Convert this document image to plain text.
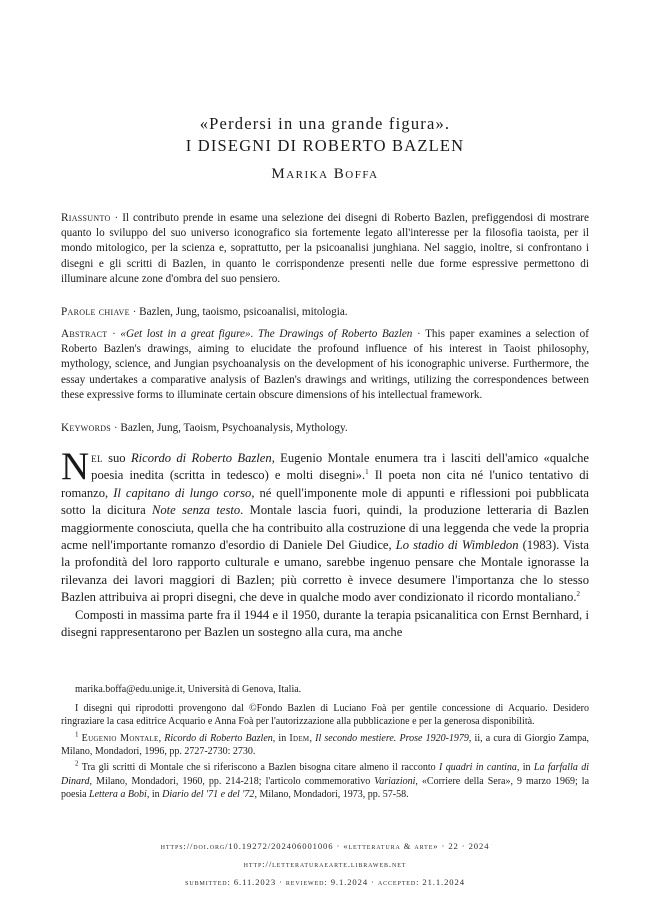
«Perdersi in una grande figura».
I DISEGNI DI ROBERTO BAZLEN
Marika Boffa
Riassunto · Il contributo prende in esame una selezione dei disegni di Roberto Bazlen, prefiggendosi di mostrare quanto lo sviluppo del suo universo iconografico sia fortemente legato all'interesse per la filosofia taoista, per il mondo mitologico, per la scienza e, soprattutto, per la psicoanalisi junghiana. Nel saggio, inoltre, si confrontano i disegni e gli scritti di Bazlen, in quanto le corrispondenze presenti nelle due forme espressive permettono di illuminare alcune zone d'ombra del suo pensiero.
Parole chiave · Bazlen, Jung, taoismo, psicoanalisi, mitologia.
Abstract · «Get lost in a great figure». The Drawings of Roberto Bazlen · This paper examines a selection of Roberto Bazlen's drawings, aiming to elucidate the profound influence of his interest in Taoist philosophy, mythology, science, and Jungian psychoanalysis on the development of his iconographic universe. Furthermore, the essay undertakes a comparative analysis of Bazlen's drawings and writings, utilizing the correspondences between these expressive forms to illuminate certain obscure dimensions of his intellectual framework.
Keywords · Bazlen, Jung, Taoism, Psychoanalysis, Mythology.

Nel suo Ricordo di Roberto Bazlen, Eugenio Montale enumera tra i lasciti dell'amico «qualche poesia inedita (scritta in tedesco) e molti disegni».$^1$ Il poeta non cita né l'unico tentativo di romanzo, Il capitano di lungo corso, né quell'imponente mole di appunti e riflessioni poi pubblicata sotto la dicitura Note senza testo. Montale lascia fuori, quindi, la produzione letteraria di Bazlen maggiormente conosciuta, quella che ha contribuito alla costruzione di una leggenda che vede la propria acme nell'importante romanzo d'esordio di Daniele Del Giudice, Lo stadio di Wimbledon (1983). Vista la profondità del loro rapporto culturale e umano, sarebbe ingenuo pensare che Montale ignorasse la rilevanza dei lavori maggiori di Bazlen; più corretto è invece desumere l'importanza che lo stesso Bazlen attribuiva ai propri disegni, che deve in qualche modo aver condizionato il ricordo montaliano.$^2$

Composti in massima parte fra il 1944 e il 1950, durante la terapia psicanalitica con Ernst Bernhard, i disegni rappresentarono per Bazlen un sostegno alla cura, ma anche

marika.boffa@edu.unige.it, Università di Genova, Italia.

I disegni qui riprodotti provengono dal ©Fondo Bazlen di Luciano Foà per gentile concessione di Acquario. Desidero ringraziare la casa editrice Acquario e Anna Foà per l'autorizzazione alla pubblicazione e per la generosa disponibilità.

$^1$ Eugenio Montale, Ricordo di Roberto Bazlen, in Idem, Il secondo mestiere. Prose 1920-1979, ii, a cura di Giorgio Zampa, Milano, Mondadori, 1996, pp. 2727-2730: 2730.

$^2$ Tra gli scritti di Montale che si riferiscono a Bazlen bisogna citare almeno il racconto I quadri in cantina, in La farfalla di Dinard, Milano, Mondadori, 1960, pp. 214-218; l'articolo commemorativo Variazioni, «Corriere della Sera», 9 marzo 1969; la poesia Lettera a Bobi, in Diario del '71 e del '72, Milano, Mondadori, 1973, pp. 57-58.

https://doi.org/10.19272/202406001006 · «letteratura & arte» · 22 · 2024
http://letteraturaearte.libraweb.net
submitted: 6.11.2023 · reviewed: 9.1.2024 · accepted: 21.1.2024
